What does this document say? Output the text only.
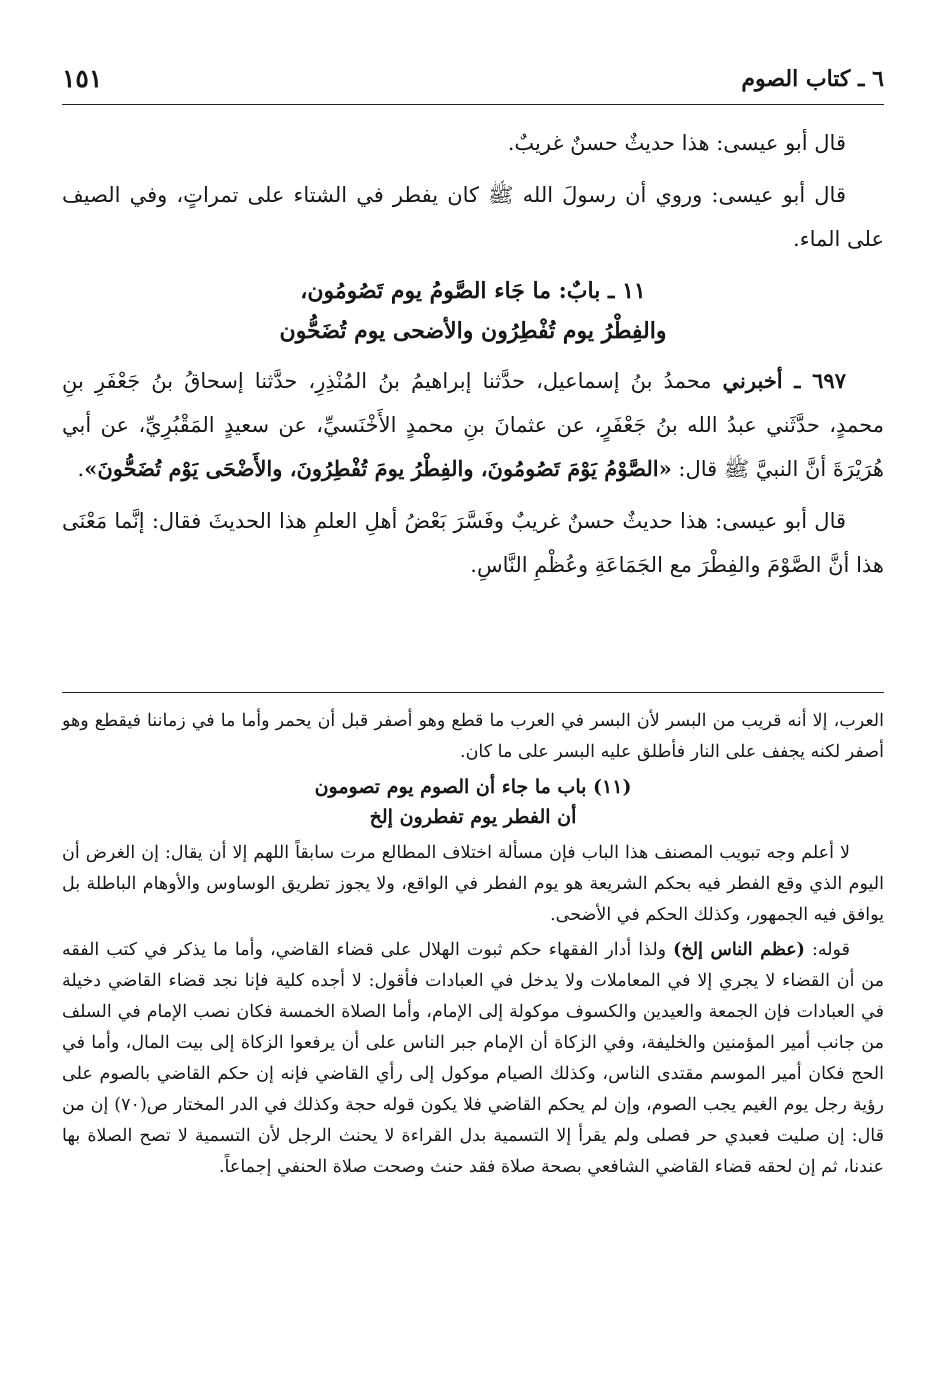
٦ ـ كتاب الصوم
١٥١

قال أبو عيسى: هذا حديثٌ حسنٌ غريبٌ.

قال أبو عيسى: وروي أن رسولَ الله ﷺ كان يفطر في الشتاء على تمراتٍ، وفي الصيف على الماء.

١١ ـ بابٌ: ما جَاء الصَّومُ يوم تَصُومُون،
والفِطْرُ يوم تُفْطِرُون والأضحى يوم تُضَحُّون

٦٩٧ ـ أخبرني محمدُ بنُ إسماعيل، حدَّثنا إبراهيمُ بنُ المُنْذِرِ، حدَّثنا إسحاقُ بنُ جَعْفَرِ بنِ محمدٍ، حدَّثَني عبدُ الله بنُ جَعْفَرٍ، عن عثمانَ بنِ محمدٍ الأَخْنَسيِّ، عن سعيدٍ المَقْبُرِيِّ، عن أبي هُرَيْرَةَ أنَّ النبيَّ ﷺ قال: «الصَّوْمُ يَوْمَ تَصُومُونَ، والفِطْرُ يومَ تُفْطِرُونَ، والأَضْحَى يَوْم تُضَحُّونَ».

قال أبو عيسى: هذا حديثٌ حسنٌ غريبٌ وفَسَّرَ بَعْضُ أهلِ العلمِ هذا الحديثَ فقال: إنَّما مَعْنَى هذا أنَّ الصَّوْمَ والفِطْرَ مع الجَمَاعَةِ وعُظْمِ النَّاسِ.

العرب، إلا أنه قريب من البسر لأن البسر في العرب ما قطع وهو أصفر قبل أن يحمر وأما ما في زماننا فيقطع وهو أصفر لكنه يجفف على النار فأطلق عليه البسر على ما كان.

(١١) باب ما جاء أن الصوم يوم تصومون
أن الفطر يوم تفطرون إلخ

لا أعلم وجه تبويب المصنف هذا الباب فإن مسألة اختلاف المطالع مرت سابقاً اللهم إلا أن يقال: إن الغرض أن اليوم الذي وقع الفطر فيه بحكم الشريعة هو يوم الفطر في الواقع، ولا يجوز تطريق الوساوس والأوهام الباطلة بل يوافق فيه الجمهور، وكذلك الحكم في الأضحى.

قوله: (عظم الناس إلخ) ولذا أدار الفقهاء حكم ثبوت الهلال على قضاء القاضي، وأما ما يذكر في كتب الفقه من أن القضاء لا يجري إلا في المعاملات ولا يدخل في العبادات فأقول: لا أجده كلية فإنا نجد قضاء القاضي دخيلة في العبادات فإن الجمعة والعيدين والكسوف موكولة إلى الإمام، وأما الصلاة الخمسة فكان نصب الإمام في السلف من جانب أمير المؤمنين والخليفة، وفي الزكاة أن الإمام جبر الناس على أن يرفعوا الزكاة إلى بيت المال، وأما في الحج فكان أمير الموسم مقتدى الناس، وكذلك الصيام موكول إلى رأي القاضي فإنه إن حكم القاضي بالصوم على رؤية رجل يوم الغيم يجب الصوم، وإن لم يحكم القاضي فلا يكون قوله حجة وكذلك في الدر المختار ص(٧٠) إن من قال: إن صليت فعبدي حر فصلى ولم يقرأ إلا التسمية بدل القراءة لا يحنث الرجل لأن التسمية لا تصح الصلاة بها عندنا، ثم إن لحقه قضاء القاضي الشافعي بصحة صلاة فقد حنث وصحت صلاة الحنفي إجماعاً.
